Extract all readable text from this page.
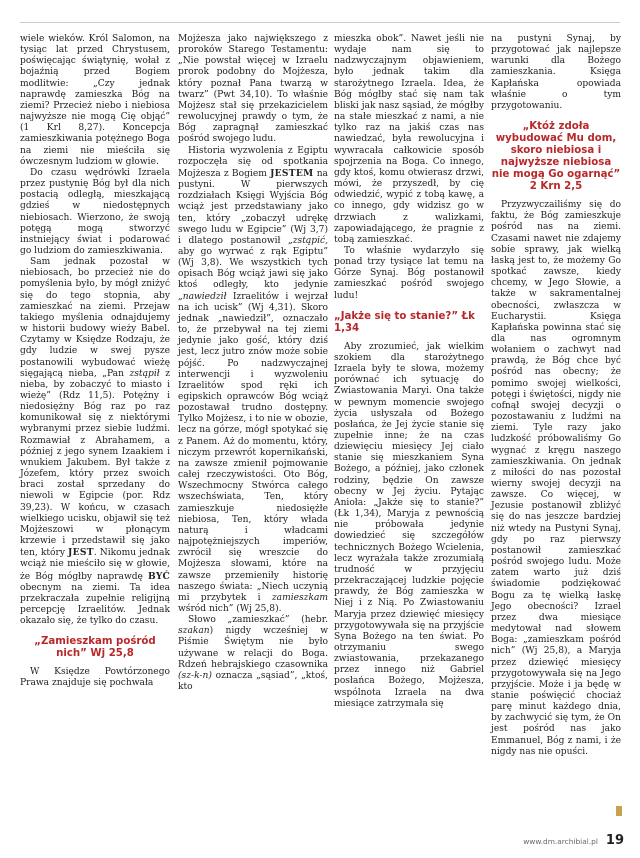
wiele wieków. Król Salomon, na tysiąc lat przed Chrystusem, poświęcając świątynię, wołał z bojaźnią przed Bogiem modlitwie: „Czy jednak naprawdę zamieszka Bóg na ziemi? Przecież niebo i niebiosa najwyższe nie mogą Cię objąć” (1 Krl 8,27). Koncepcja zamieszkiwania potężnego Boga na ziemi nie mieściła się ówczesnym ludziom w głowie.

Do czasu wędrówki Izraela przez pustynię Bóg był dla nich postacią odległą, mieszkającą gdzieś w niedostępnych niebiosach. Wierzono, że swoją potęgą mogą stworzyć instniejący świat i podarować go ludziom do zamieszkiwania.

Sam jednak pozostał w niebiosach, bo przecież nie do pomyślenia było, by mógł zniżyć się do tego stopnia, aby zamieszkać na ziemi. Przejaw takiego myślenia odnajdujemy w historii budowy wieży Babel. Czytamy w Księdze Rodzaju, że gdy ludzie w swej pysze postanowili wybudować wieżę sięgającą nieba, „Pan zstąpił z nieba, by zobaczyć to miasto i wieżę” (Rdz 11,5). Potężny i niedosiężny Bóg raz po raz komunikował się z niektórymi wybranymi przez siebie ludźmi. Rozmawiał z Abrahamem, a później z jego synem Izaakiem i wnukiem Jakubem. Był także z Józefem, który przez swoich braci został sprzedany do niewoli w Egipcie (por. Rdz 39,23). W końcu, w czasach wielkiego ucisku, objawił się też Mojżeszowi w płonącym krzewie i przedstawił się jako ten, który JEST. Nikomu jednak wciąż nie mieściło się w głowie, że Bóg mógłby naprawdę BYĆ obecnym na ziemi. Ta idea przekraczała zupełnie religijną percepcję Izraelitów. Jednak okazało się, że tylko do czasu.

„Zamieszkam pośród nich” Wj 25,8

W Księdze Powtórzonego Prawa znajduje się pochwała

Mojżesza jako największego z proroków Starego Testamentu: „Nie powstał więcej w Izraelu prorok podobny do Mojżesza, który poznał Pana twarzą w twarz” (Pwt 34,10). To właśnie Mojżesz stał się przekazicielem rewolucyjnej prawdy o tym, że Bóg zapragnął zamieszkać pośród swojego ludu.

Historia wyzwolenia z Egiptu rozpoczęła się od spotkania Mojżesza z Bogiem JESTEM na pustyni. W pierwszych rozdziałach Księgi Wyjścia Bóg wciąż jest przedstawiany jako ten, który „zobaczył udrękę swego ludu w Egipcie” (Wj 3,7) i dlatego postanowił „zstąpić, aby go wyrwać z rąk Egiptu” (Wj 3,8). We wszystkich tych opisach Bóg wciąż jawi się jako ktoś odległy, kto jedynie „nawiedził Izraelitów i wejrzał na ich ucisk” (Wj 4,31). Skoro jednak „nawiedził”, oznaczało to, że przebywał na tej ziemi jedynie jako gość, który dziś jest, lecz jutro znów może sobie pójść. Po nadzwyczajnej interwencji i wyzwoleniu Izraelitów spod ręki ich egipskich oprawców Bóg wciąż pozostawał trudno dostępny. Tylko Mojżesz, i to nie w obozie, lecz na górze, mógł spotykać się z Panem. Aż do momentu, który, niczym przewrót kopernikański, na zawsze zmienił pojmowanie całej rzeczywistości. Oto Bóg, Wszechmocny Stwórca całego wszechświata, Ten, który zamieszkuje niedosiężłe niebiosa, Ten, który włada naturą i władcami najpotężniejszych imperiów, zwrócił się wreszcie do Mojżesza słowami, które na zawsze przemieniły historię naszego świata: „Niech uczynią mi przybytek i zamieszkam wśród nich” (Wj 25,8).

Słowo „zamieszkać” (hebr. szakan) nigdy wcześniej w Piśmie Świętym nie było używane w relacji do Boga. Rdzeń hebrajskiego czasownika (sz-k-n) oznacza „sąsiad”, „ktoś, kto

mieszka obok”. Nawet jeśli nie wydaje nam się to nadzwyczajnym objawieniem, było jednak takim dla starożytnego Izraela. Idea, że Bóg mógłby stać się nam tak bliski jak nasz sąsiad, że mógłby na stałe mieszkać z nami, a nie tylko raz na jakiś czas nas nawiedzać, była rewolucyjna i wywracała całkowicie sposób spojrzenia na Boga. Co innego, gdy ktoś, komu otwierasz drzwi, mówi, że przyszedł, by cię odwiedzić, wypić z tobą kawę, a co innego, gdy widzisz go w drzwiach z walizkami, zapowiadającego, że pragnie z tobą zamieszkać.

To właśnie wydarzyło się ponad trzy tysiące lat temu na Górze Synaj. Bóg postanowił zamieszkać pośród swojego ludu!

„Jakże się to stanie?” Łk 1,34

Aby zrozumieć, jak wielkim szokiem dla starożytnego Izraela były te słowa, możemy porównać ich sytuację do Zwiastowania Maryi. Ona także w pewnym momencie swojego życia usłyszała od Bożego posłańca, że Jej życie stanie się zupełnie inne; że na czas dziewięciu miesięcy Jej ciało stanie się mieszkaniem Syna Bożego, a później, jako członek rodziny, będzie On zawsze obecny w Jej życiu. Pytając Anioła: „Jakże się to stanie?” (Łk 1,34), Maryja z pewnością nie próbowała jedynie dowiedzieć się szczegółów technicznych Bożego Wcielenia, lecz wyrażała także zrozumiałą trudność w przyjęciu przekraczającej ludzkie pojęcie prawdy, że Bóg zamieszka w Niej i z Nią. Po Zwiastowaniu Maryja przez dziewięć miesięcy przygotowywała się na przyjście Syna Bożego na ten świat. Po otrzymaniu swego zwiastowania, przekazanego przez innego niż Gabriel posłańca Bożego, Mojżesza, wspólnota Izraela na dwa miesiące zatrzymała się

na pustyni Synaj, by przygotować jak najlepsze warunki dla Bożego zamieszkania. Księga Kapłańska opowiada właśnie o tym przygotowaniu.

„Któż zdoła wybudować Mu dom, skoro niebiosa i najwyższe niebiosa nie mogą Go ogarnąć” 2 Krn 2,5

Przyzwyczailiśmy się do faktu, że Bóg zamieszkuje pośród nas na ziemi. Czasami nawet nie zdajemy sobie sprawy, jak wielką łaską jest to, że możemy Go spotkać zawsze, kiedy chcemy, w Jego Słowie, a także w sakramentalnej obecności, zwłaszcza w Eucharystii. Księga Kapłańska powinna stać się dla nas ogromnym wołaniem o zachwyt nad prawdą, że Bóg chce być pośród nas obecny; że pomimo swojej wielkości, potęgi i świętości, nigdy nie cofnął swojej decyzji o pozostawaniu z ludźmi na ziemi. Tyle razy jako ludzkość próbowaliśmy Go wygnać z kręgu naszego zamieszkiwania. On jednak z miłości do nas pozostał wierny swojej decyzji na zawsze. Co więcej, w Jezusie postanowił zbliżyć się do nas jeszcze bardziej niż wtedy na Pustyni Synaj, gdy po raz pierwszy postanowił zamieszkać pośród swojego ludu. Może zatem warto już dziś świadomie podziękować Bogu za tę wielką łaskę Jego obecności? Izrael przez dwa miesiące medytował nad słowem Boga: „zamieszkam pośród nich” (Wj 25,8), a Maryja przez dziewięć miesięcy przygotowywała się na Jego przyjście. Może i ja będę w stanie poświęcić chociaż parę minut każdego dnia, by zachwycić się tym, że On jest pośród nas jako Emmanuel, Bóg z nami, i że nigdy nas nie opuści.

www.dm.archibial.pl 19
